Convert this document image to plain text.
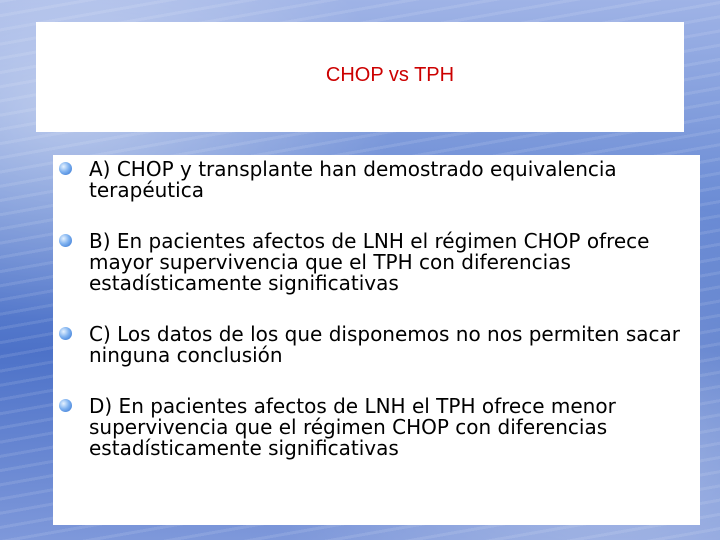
CHOP vs TPH
A) CHOP y transplante han demostrado equivalencia terapéutica
B) En pacientes afectos de LNH el régimen CHOP ofrece mayor supervivencia que el TPH con diferencias estadísticamente significativas
C) Los datos de los que disponemos no nos permiten sacar ninguna conclusión
D) En pacientes afectos de LNH el TPH ofrece menor supervivencia que el régimen CHOP con diferencias estadísticamente significativas
